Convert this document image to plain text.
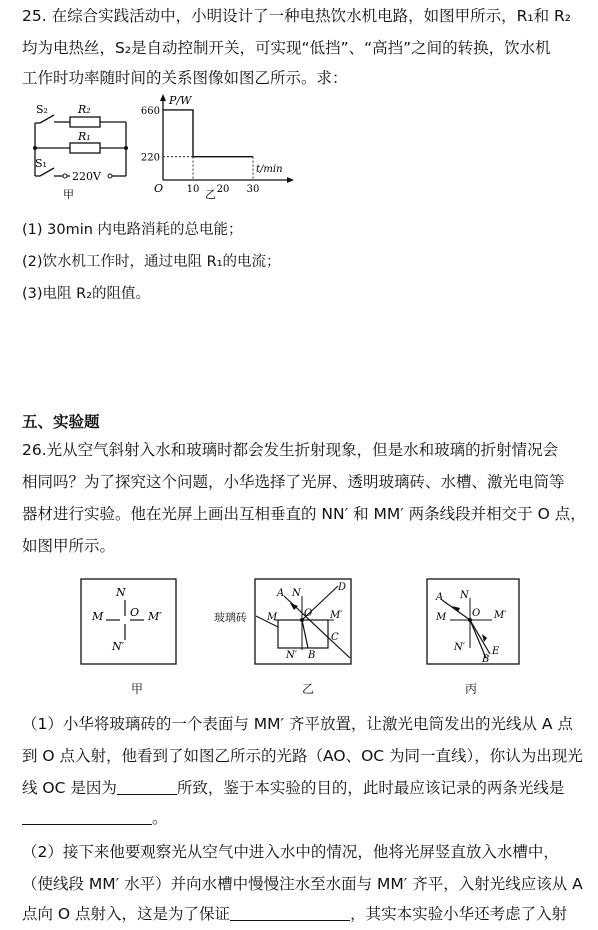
25. 在综合实践活动中，小明设计了一种电热饮水机电路，如图甲所示，R₁和 R₂
均为电热丝，S₂是自动控制开关，可实现“低挡”、“高挡”之间的转换，饮水机
工作时功率随时间的关系图像如图乙所示。求：
S₂	R₂
R₁
S₁
220V
甲
P/W
t/min
O
220
660
10 20 30
乙
(1) 30min 内电路消耗的总电能；
(2)饮水机工作时，通过电阻 R₁的电流；
(3)电阻 R₂的阻值。
五、实验题
26.光从空气斜射入水和玻璃时都会发生折射现象，但是水和玻璃的折射情况会
相同吗？为了探究这个问题，小华选择了光屏、透明玻璃砖、水槽、激光电筒等
器材进行实验。他在光屏上画出互相垂直的 NN′ 和 MM′ 两条线段并相交于 O 点，
如图甲所示。
N
M O M′
N′
甲
玻璃砖
A N
D
M	O M′
C
N′ B
乙
A N
M	O M′
N′
B
E
丙
（1）小华将玻璃砖的一个表面与 MM′ 齐平放置，让激光电筒发出的光线从 A 点
到 O 点入射，他看到了如图乙所示的光路（AO、OC 为同一直线），你认为出现光
线 OC 是因为	所致，鉴于本实验的目的，此时最应该记录的两条光线是
。
（2）接下来他要观察光从空气中进入水中的情况，他将光屏竖直放入水槽中，
（使线段 MM′ 水平）并向水槽中慢慢注水至水面与 MM′ 齐平，入射光线应该从 A
点向 O 点射入，这是为了保证	，其实本实验小华还考虑了入射
